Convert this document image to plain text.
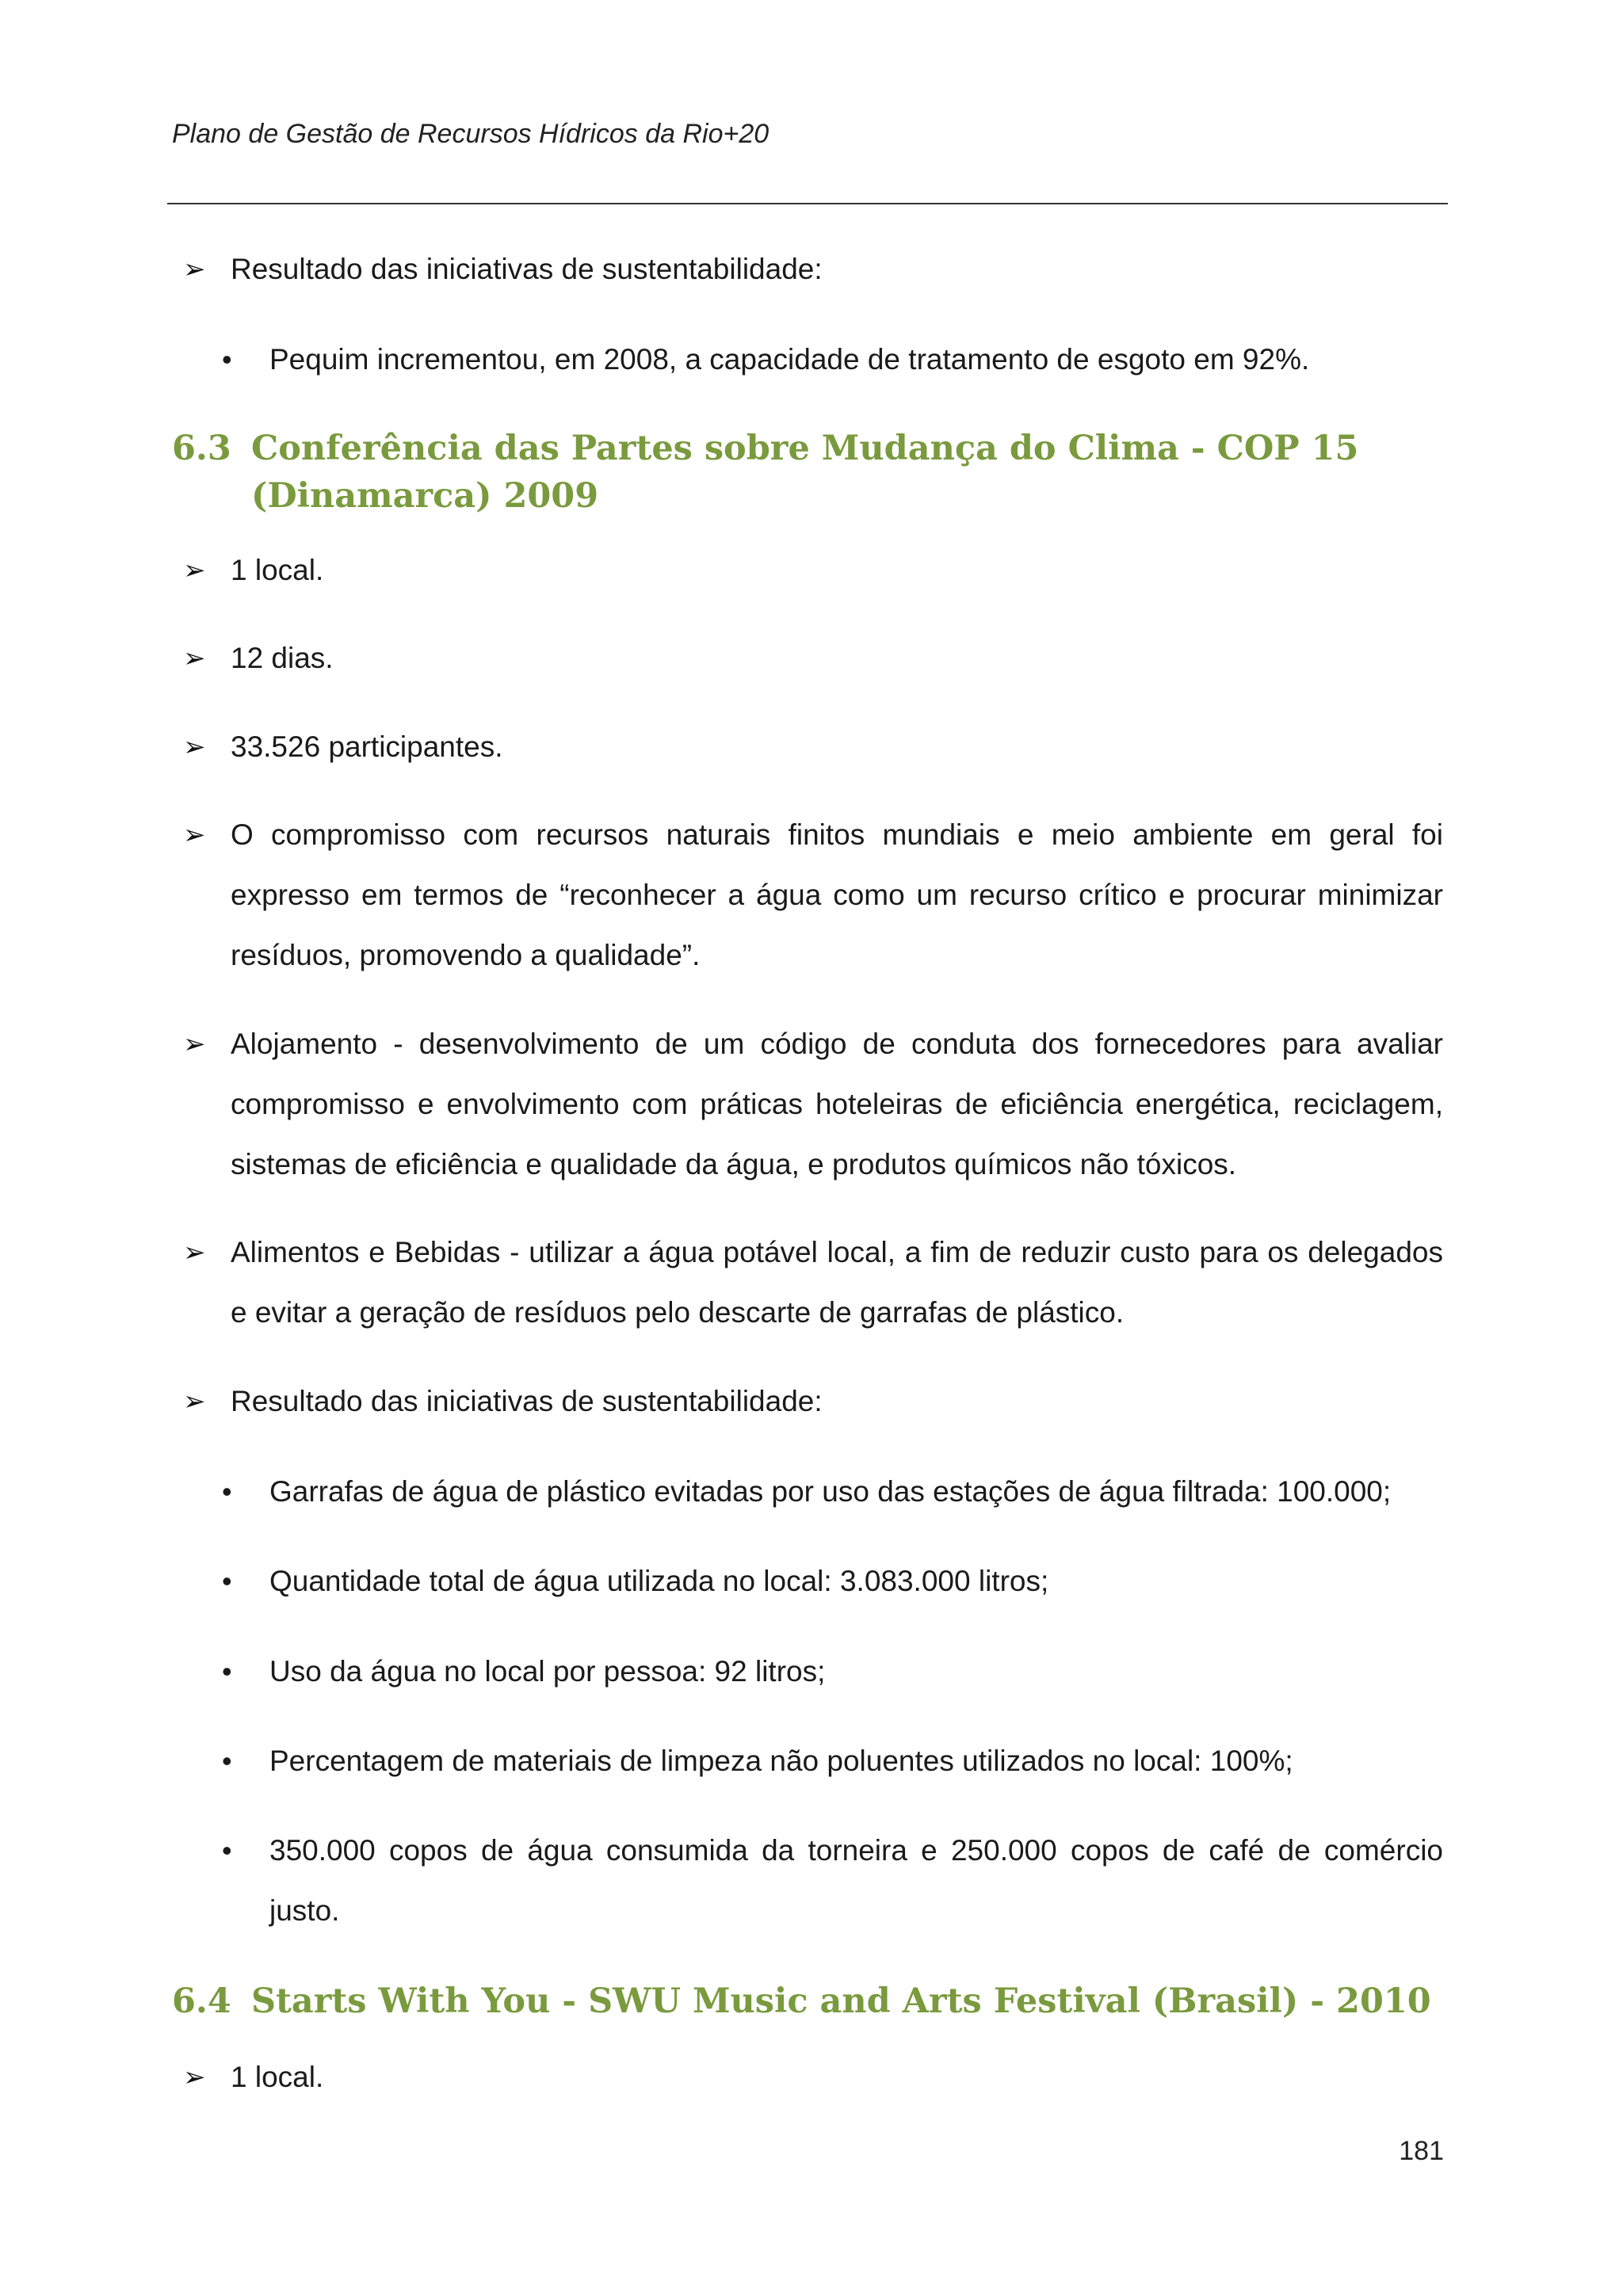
Plano de Gestão de Recursos Hídricos da Rio+20
➢ Resultado das iniciativas de sustentabilidade:
•	Pequim incrementou, em 2008, a capacidade de tratamento de esgoto em 92%.
6.3 Conferência das Partes sobre Mudança do Clima - COP 15 (Dinamarca) 2009
➢ 1 local.
➢ 12 dias.
➢ 33.526 participantes.
➢ O compromisso com recursos naturais finitos mundiais e meio ambiente em geral foi expresso em termos de “reconhecer a água como um recurso crítico e procurar minimizar resíduos, promovendo a qualidade”.
➢ Alojamento - desenvolvimento de um código de conduta dos fornecedores para avaliar compromisso e envolvimento com práticas hoteleiras de eficiência energética, reciclagem, sistemas de eficiência e qualidade da água, e produtos químicos não tóxicos.
➢ Alimentos e Bebidas - utilizar a água potável local, a fim de reduzir custo para os delegados e evitar a geração de resíduos pelo descarte de garrafas de plástico.
➢ Resultado das iniciativas de sustentabilidade:
•	Garrafas de água de plástico evitadas por uso das estações de água filtrada: 100.000;
•	Quantidade total de água utilizada no local: 3.083.000 litros;
•	Uso da água no local por pessoa: 92 litros;
•	Percentagem de materiais de limpeza não poluentes utilizados no local: 100%;
•	350.000 copos de água consumida da torneira e 250.000 copos de café de comércio justo.
6.4 Starts With You - SWU Music and Arts Festival (Brasil) - 2010
➢ 1 local.
181
